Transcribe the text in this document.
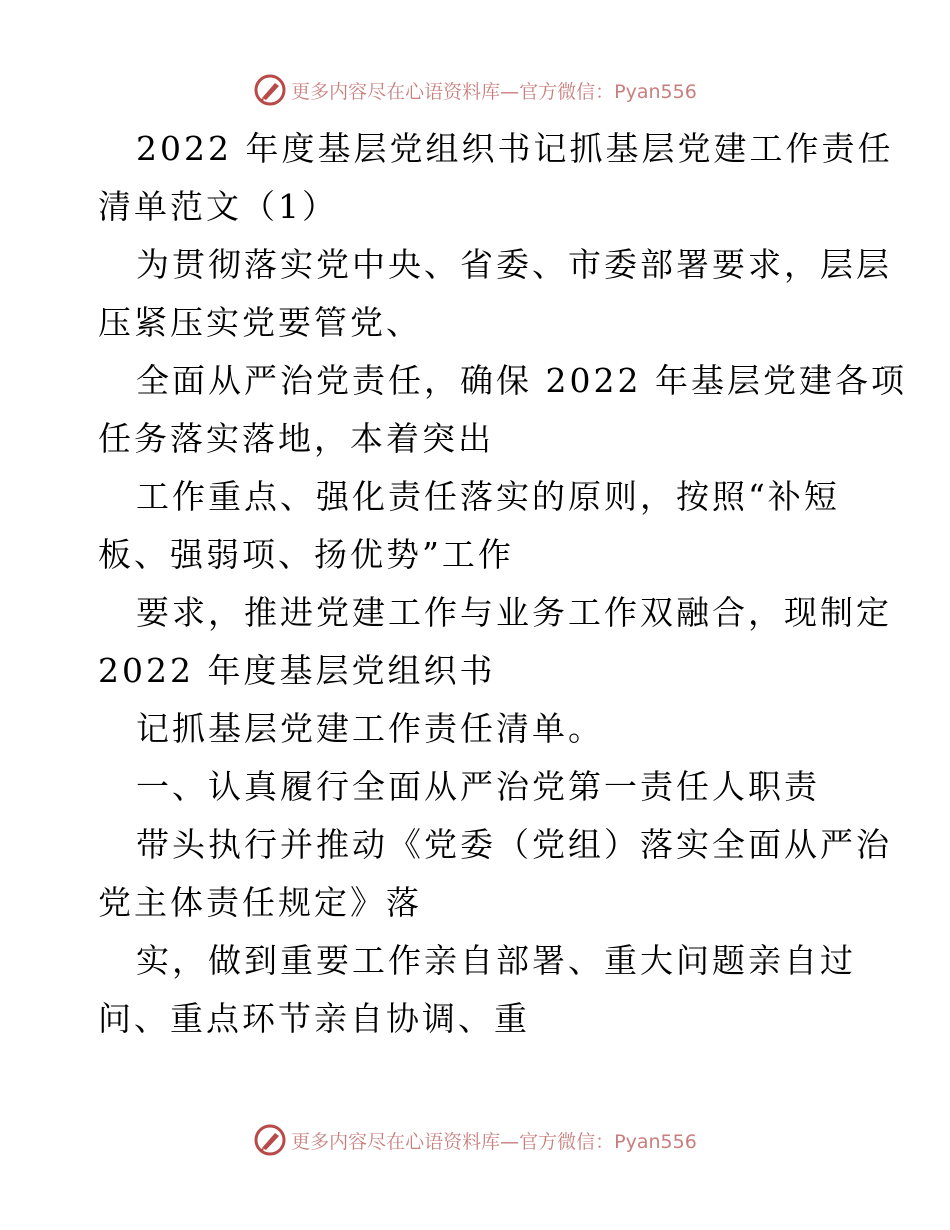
更多内容尽在心语资料库—官方微信：Pyan556
2022 年度基层党组织书记抓基层党建工作责任
清单范文（1）
为贯彻落实党中央、省委、市委部署要求，层层
压紧压实党要管党、
全面从严治党责任，确保 2022 年基层党建各项
任务落实落地，本着突出
工作重点、强化责任落实的原则，按照“补短
板、强弱项、扬优势”工作
要求，推进党建工作与业务工作双融合，现制定
2022 年度基层党组织书
记抓基层党建工作责任清单。
一、认真履行全面从严治党第一责任人职责
带头执行并推动《党委（党组）落实全面从严治
党主体责任规定》落
实，做到重要工作亲自部署、重大问题亲自过
问、重点环节亲自协调、重
更多内容尽在心语资料库—官方微信：Pyan556
